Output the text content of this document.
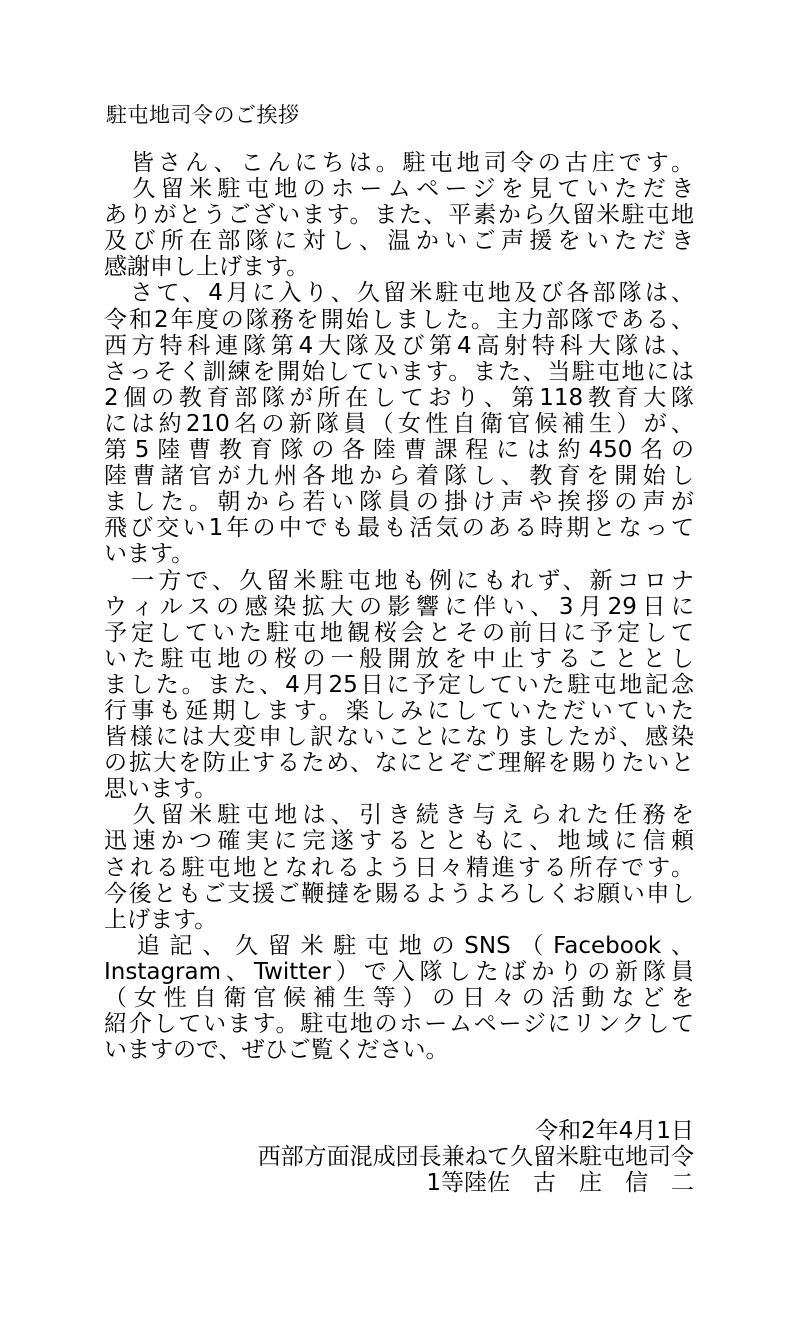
駐屯地司令のご挨拶
　皆さん、こんにちは。駐屯地司令の古庄です。
　久留米駐屯地のホームページを見ていただき
ありがとうございます。また、平素から久留米駐屯地
及び所在部隊に対し、温かいご声援をいただき
感謝申し上げます。
　さて、4月に入り、久留米駐屯地及び各部隊は、
令和2年度の隊務を開始しました。主力部隊である、
西方特科連隊第4大隊及び第4高射特科大隊は、
さっそく訓練を開始しています。また、当駐屯地には
2個の教育部隊が所在しており、第118教育大隊
には約210名の新隊員（女性自衛官候補生）が、
第5陸曹教育隊の各陸曹課程には約450名の
陸曹諸官が九州各地から着隊し、教育を開始し
ました。朝から若い隊員の掛け声や挨拶の声が
飛び交い1年の中でも最も活気のある時期となって
います。
　一方で、久留米駐屯地も例にもれず、新コロナ
ウィルスの感染拡大の影響に伴い、3月29日に
予定していた駐屯地観桜会とその前日に予定して
いた駐屯地の桜の一般開放を中止することとし
ました。また、4月25日に予定していた駐屯地記念
行事も延期します。楽しみにしていただいていた
皆様には大変申し訳ないことになりましたが、感染
の拡大を防止するため、なにとぞご理解を賜りたいと
思います。
　久留米駐屯地は、引き続き与えられた任務を
迅速かつ確実に完遂するとともに、地域に信頼
される駐屯地となれるよう日々精進する所存です。
今後ともご支援ご鞭撻を賜るようよろしくお願い申し
上げます。
　追記、久留米駐屯地のSNS（Facebook、
Instagram、Twitter）で入隊したばかりの新隊員
（女性自衛官候補生等）の日々の活動などを
紹介しています。駐屯地のホームページにリンクして
いますので、ぜひご覧ください。
令和2年4月1日
西部方面混成団長兼ねて久留米駐屯地司令
1等陸佐　古　庄　信　二
